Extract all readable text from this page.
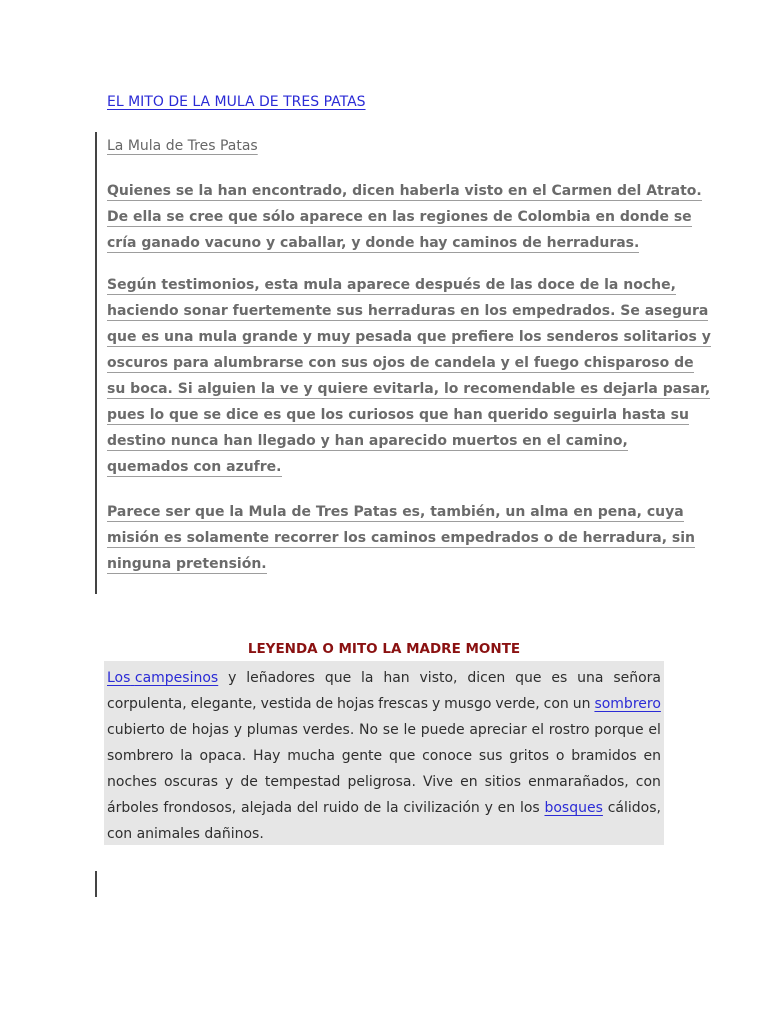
EL MITO DE LA MULA DE TRES PATAS
La Mula de Tres Patas
Quienes se la han encontrado, dicen haberla visto en el Carmen del Atrato.
De ella se cree que sólo aparece en las regiones de Colombia en donde se
cría ganado vacuno y caballar, y donde hay caminos de herraduras.
Según testimonios, esta mula aparece después de las doce de la noche,
haciendo sonar fuertemente sus herraduras en los empedrados. Se asegura
que es una mula grande y muy pesada que prefiere los senderos solitarios y
oscuros para alumbrarse con sus ojos de candela y el fuego chisparoso de
su boca. Si alguien la ve y quiere evitarla, lo recomendable es dejarla pasar,
pues lo que se dice es que los curiosos que han querido seguirla hasta su
destino nunca han llegado y han aparecido muertos en el camino,
quemados con azufre.
Parece ser que la Mula de Tres Patas es, también, un alma en pena, cuya
misión es solamente recorrer los caminos empedrados o de herradura, sin
ninguna pretensión.
LEYENDA O MITO LA MADRE MONTE
Los campesinos y leñadores que la han visto, dicen que es una señora
corpulenta, elegante, vestida de hojas frescas y musgo verde, con un sombrero
cubierto de hojas y plumas verdes. No se le puede apreciar el rostro porque el
sombrero la opaca. Hay mucha gente que conoce sus gritos o bramidos en
noches oscuras y de tempestad peligrosa. Vive en sitios enmarañados, con
árboles frondosos, alejada del ruido de la civilización y en los bosques cálidos,
con animales dañinos.
